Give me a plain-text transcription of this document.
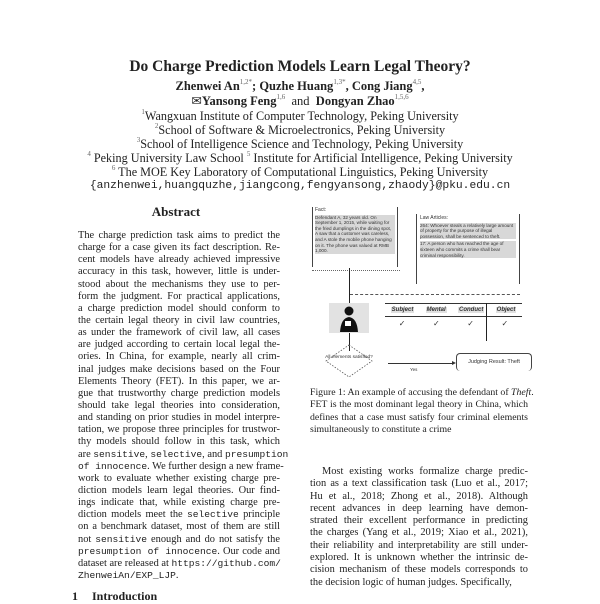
Do Charge Prediction Models Learn Legal Theory?
Zhenwei $An^{1,2*}$; Quzhe Huang$^{1,3*}$, Cong Jiang$^{4,5}$,
✉Yansong Feng$^{1,6}$ and Dongyan Zhao$^{1,5,6}$
$^1$Wangxuan Institute of Computer Technology, Peking University
$^2$School of Software & Microelectronics, Peking University
$^3$School of Intelligence Science and Technology, Peking University
$^4$ Peking University Law School $^5$ Institute for Artificial Intelligence, Peking University
$^6$ The MOE Key Laboratory of Computational Linguistics, Peking University
{anzhenwei,huangquzhe,jiangcong,fengyansong,zhaody}@pku.edu.cn
Abstract
The charge prediction task aims to predict the
charge for a case given its fact description. Re-
cent models have already achieved impressive
accuracy in this task, however, little is under-
stood about the mechanisms they use to per-
form the judgment. For practical applications,
a charge prediction model should conform to
the certain legal theory in civil law countries,
as under the framework of civil law, all cases
are judged according to certain local legal the-
ories. In China, for example, nearly all crim-
inal judges make decisions based on the Four
Elements Theory (FET). In this paper, we ar-
gue that trustworthy charge prediction models
should take legal theories into consideration,
and standing on prior studies in model interpre-
tation, we propose three principles for trustwor-
thy models should follow in this task, which
are sensitive, selective, and presumption
of innocence. We further design a new frame-
work to evaluate whether existing charge pre-
diction models learn legal theories. Our find-
ings indicate that, while existing charge pre-
diction models meet the selective principle
on a benchmark dataset, most of them are still
not sensitive enough and do not satisfy the
presumption of innocence. Our code and
dataset are released at https://github.com/
ZhenweiAn/EXP_LJP.
1 Introduction

Fact:

Defendant A, 32 years old. On September 1, 2015, while waiting for the fried dumplings in the dining spot, A saw that a customer was careless, and A stole the mobile phone hanging on it. The phone was valued at RMB 1,000.

Law Articles:

264: Whoever steals a relatively large amount of property for the purpose of illegal possession, shall be sentenced to theft.

17: A person who has reached the age of sixteen who commits a crime shall bear criminal responsibility.

Subject Mental Conduct Object
✓	✓	✓	✓
All elements satisfied?
Yes
Judging Result: Theft
Figure 1: An example of accusing the defendant of Theft.
FET is the most dominant legal theory in China, which
defines that a case must satisfy four criminal elements
simultaneously to constitute a crime
Most existing works formalize charge predic-
tion as a text classification task (Luo et al., 2017;
Hu et al., 2018; Zhong et al., 2018). Although
recent advances in deep learning have demon-
strated their excellent performance in predicting
the charges (Yang et al., 2019; Xiao et al., 2021),
their reliability and interpretability are still under-
explored. It is unknown whether the intrinsic de-
cision mechanism of these models corresponds to
the decision logic of human judges. Specifically,
